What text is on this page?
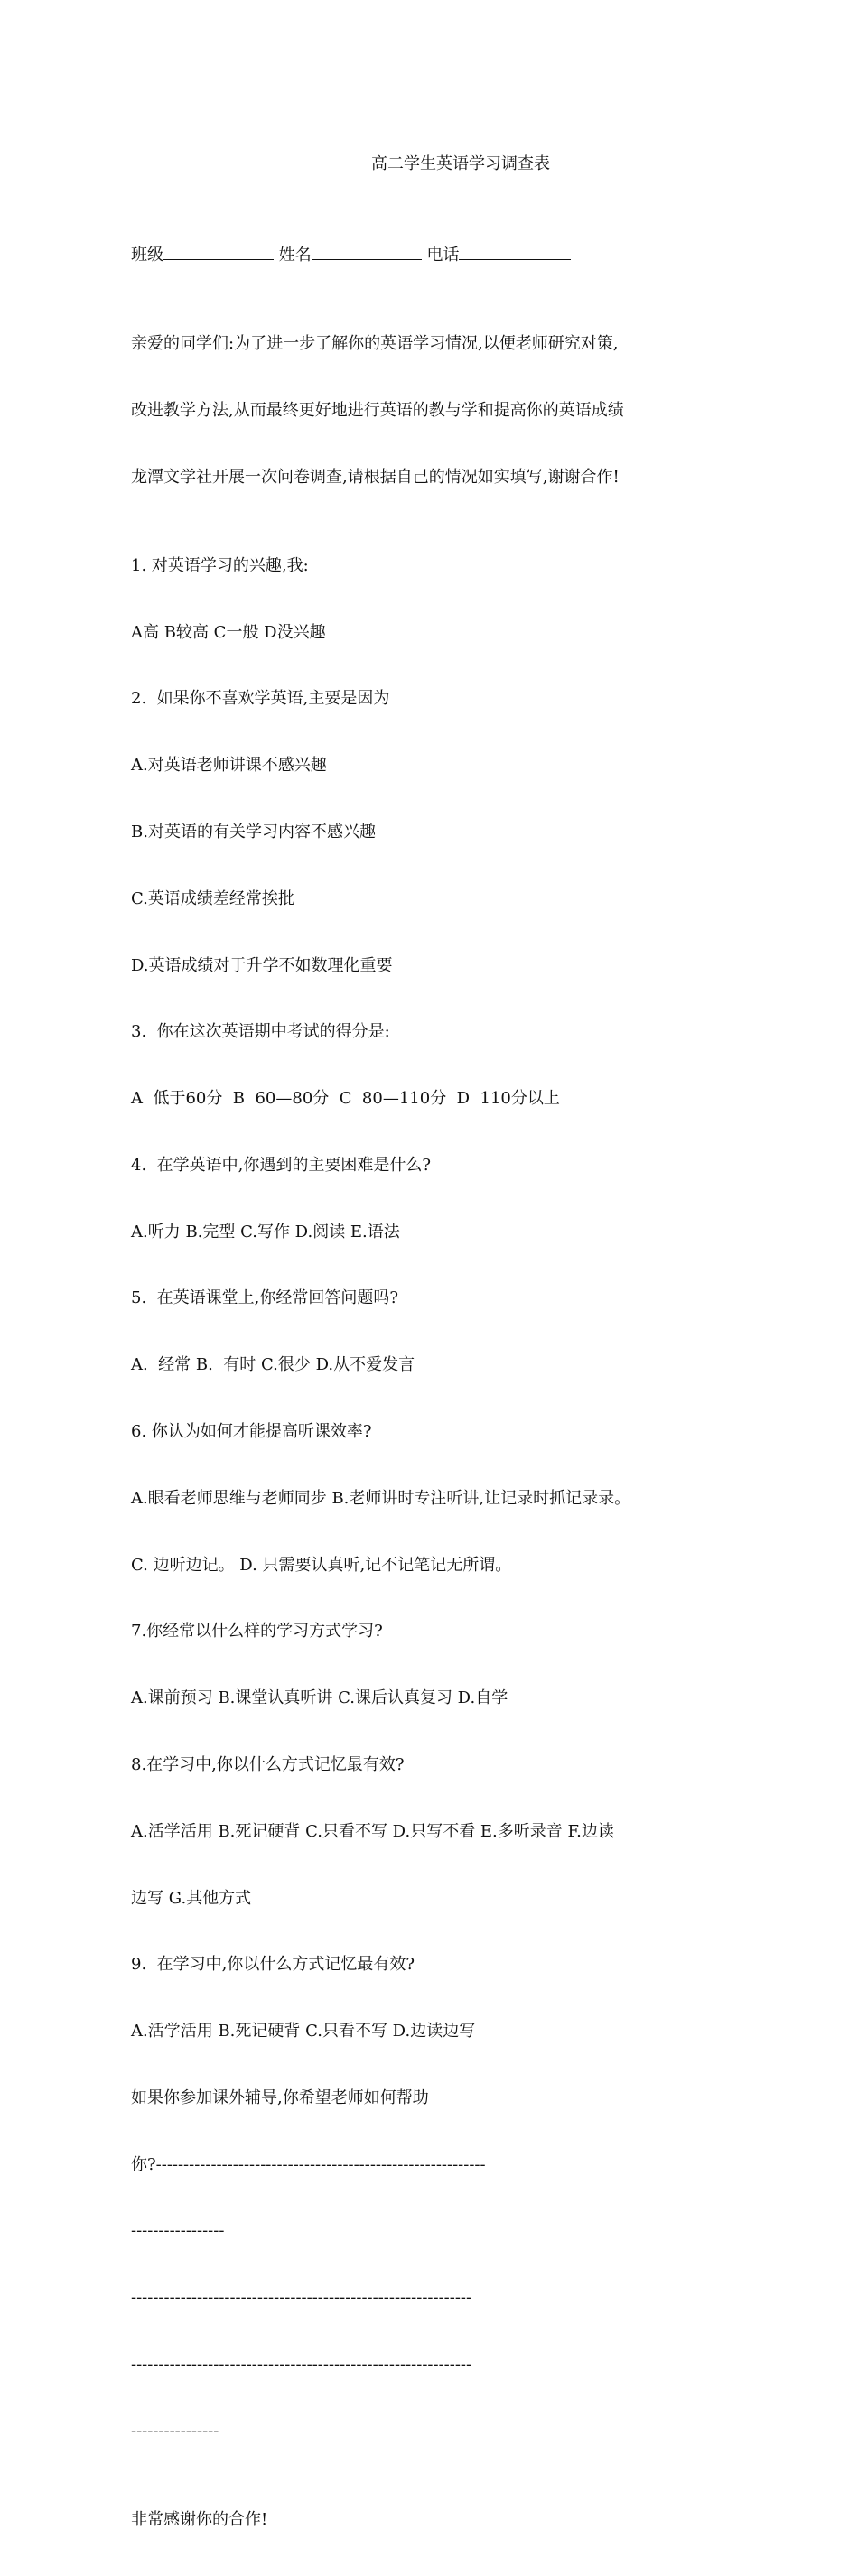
高二学生英语学习调查表

班级	姓名	电话

亲爱的同学们:为了进一步了解你的英语学习情况,以便老师研究对策,

改进教学方法,从而最终更好地进行英语的教与学和提高你的英语成绩

龙潭文学社开展一次问卷调查,请根据自己的情况如实填写,谢谢合作!

1. 对英语学习的兴趣,我:

A高 B较高 C一般 D没兴趣

2.  如果你不喜欢学英语,主要是因为

A.对英语老师讲课不感兴趣

B.对英语的有关学习内容不感兴趣

C.英语成绩差经常挨批

D.英语成绩对于升学不如数理化重要

3.  你在这次英语期中考试的得分是:

A  低于60分  B  60—80分  C  80—110分  D  110分以上

4.  在学英语中,你遇到的主要困难是什么?

A.听力 B.完型 C.写作 D.阅读 E.语法

5.  在英语课堂上,你经常回答问题吗?

A.  经常 B.  有时 C.很少 D.从不爱发言

6. 你认为如何才能提高听课效率?

A.眼看老师思维与老师同步 B.老师讲时专注听讲,让记录时抓记录录。

C. 边听边记。 D. 只需要认真听,记不记笔记无所谓。

7.你经常以什么样的学习方式学习?

A.课前预习 B.课堂认真听讲 C.课后认真复习 D.自学

8.在学习中,你以什么方式记忆最有效?

A.活学活用 B.死记硬背 C.只看不写 D.只写不看 E.多听录音 F.边读

边写 G.其他方式

9.  在学习中,你以什么方式记忆最有效?

A.活学活用 B.死记硬背 C.只看不写 D.边读边写

如果你参加课外辅导,你希望老师如何帮助

你?------------------------------------------------------------

-----------------

--------------------------------------------------------------

--------------------------------------------------------------

----------------

非常感谢你的合作!
